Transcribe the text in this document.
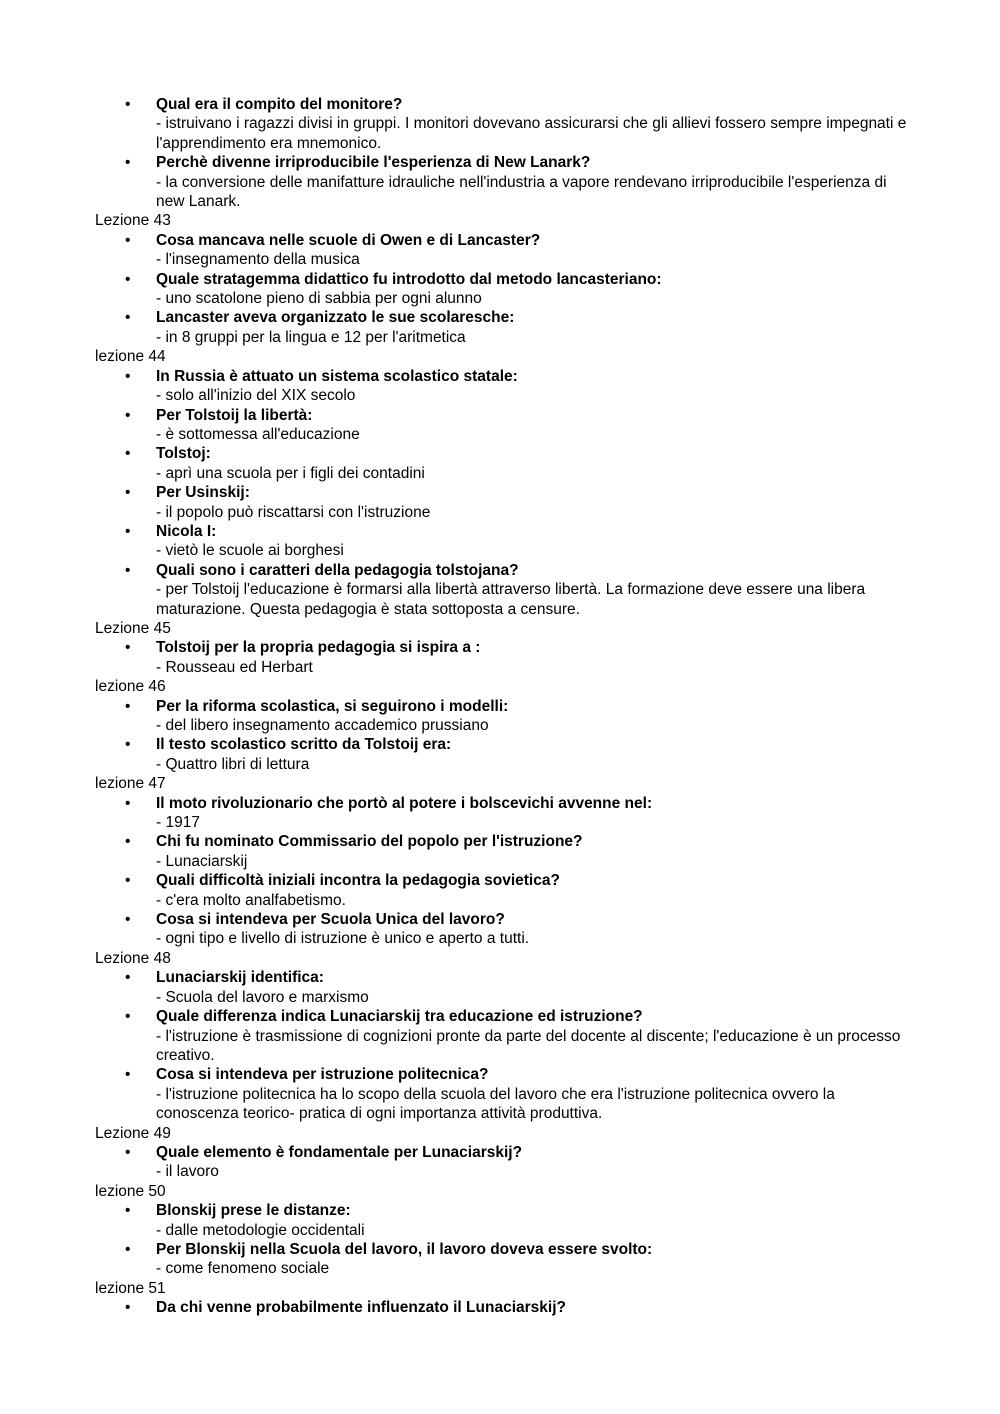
• Qual era il compito del monitore?
- istruivano i ragazzi divisi in gruppi. I monitori dovevano assicurarsi che gli allievi fossero sempre impegnati e l'apprendimento era mnemonico.
• Perchè divenne irriproducibile l'esperienza di New Lanark?
- la conversione delle manifatture idrauliche nell'industria a vapore rendevano irriproducibile l'esperienza di new Lanark.
Lezione 43
• Cosa mancava nelle scuole di Owen e di Lancaster?
- l'insegnamento della musica
• Quale stratagemma didattico fu introdotto dal metodo lancasteriano:
- uno scatolone pieno di sabbia per ogni alunno
• Lancaster aveva organizzato le sue scolaresche:
- in 8 gruppi per la lingua e 12 per l'aritmetica
lezione 44
• In Russia è attuato un sistema scolastico statale:
- solo all'inizio del XIX secolo
• Per Tolstoij la libertà:
- è sottomessa all'educazione
• Tolstoj:
- aprì una scuola per i figli dei contadini
• Per Usinskij:
- il popolo può riscattarsi con l'istruzione
• Nicola I:
- vietò le scuole ai borghesi
• Quali sono i caratteri della pedagogia tolstojana?
- per Tolstoij l'educazione è formarsi alla libertà attraverso libertà. La formazione deve essere una libera maturazione. Questa pedagogia è stata sottoposta a censure.
Lezione 45
• Tolstoij per la propria pedagogia si ispira a :
- Rousseau ed Herbart
lezione 46
• Per la riforma scolastica, si seguirono i modelli:
- del libero insegnamento accademico prussiano
• Il testo scolastico scritto da Tolstoij era:
- Quattro libri di lettura
lezione 47
• Il moto rivoluzionario che portò al potere i bolscevichi avvenne nel:
- 1917
• Chi fu nominato Commissario del popolo per l'istruzione?
- Lunaciarskij
• Quali difficoltà iniziali incontra la pedagogia sovietica?
- c'era molto analfabetismo.
• Cosa si intendeva per Scuola Unica del lavoro?
- ogni tipo e livello di istruzione è unico e aperto a tutti.
Lezione 48
• Lunaciarskij identifica:
- Scuola del lavoro e marxismo
• Quale differenza indica Lunaciarskij tra educazione ed istruzione?
- l'istruzione è trasmissione di cognizioni pronte da parte del docente al discente; l'educazione è un processo creativo.
• Cosa si intendeva per istruzione politecnica?
- l'istruzione politecnica ha lo scopo della scuola del lavoro che era l'istruzione politecnica ovvero la conoscenza teorico- pratica di ogni importanza attività produttiva.
Lezione 49
• Quale elemento è fondamentale per Lunaciarskij?
- il lavoro
lezione 50
• Blonskij prese le distanze:
- dalle metodologie occidentali
• Per Blonskij nella Scuola del lavoro, il lavoro doveva essere svolto:
- come fenomeno sociale
lezione 51
• Da chi venne probabilmente influenzato il Lunaciarskij?
